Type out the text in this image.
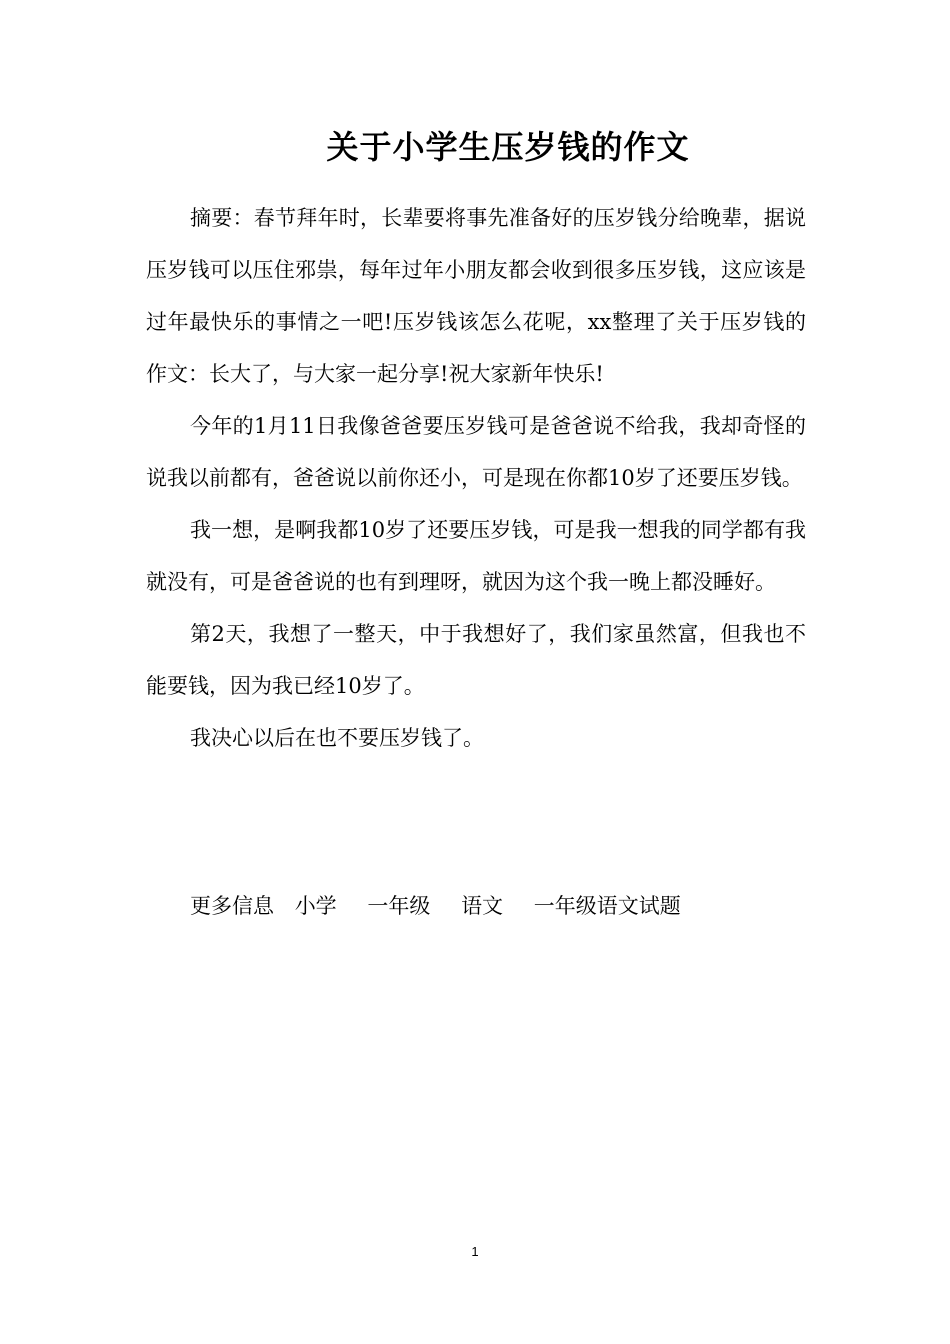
关于小学生压岁钱的作文

摘要：春节拜年时，长辈要将事先准备好的压岁钱分给晚辈，据说压岁钱可以压住邪祟，每年过年小朋友都会收到很多压岁钱，这应该是过年最快乐的事情之一吧!压岁钱该怎么花呢，xx整理了关于压岁钱的作文：长大了，与大家一起分享!祝大家新年快乐!

今年的1月11日我像爸爸要压岁钱可是爸爸说不给我，我却奇怪的说我以前都有，爸爸说以前你还小，可是现在你都10岁了还要压岁钱。

我一想，是啊我都10岁了还要压岁钱，可是我一想我的同学都有我就没有，可是爸爸说的也有到理呀，就因为这个我一晚上都没睡好。

第2天，我想了一整天，中于我想好了，我们家虽然富，但我也不能要钱，因为我已经10岁了。

我决心以后在也不要压岁钱了。

更多信息 小学 一年级 语文 一年级语文试题
1
